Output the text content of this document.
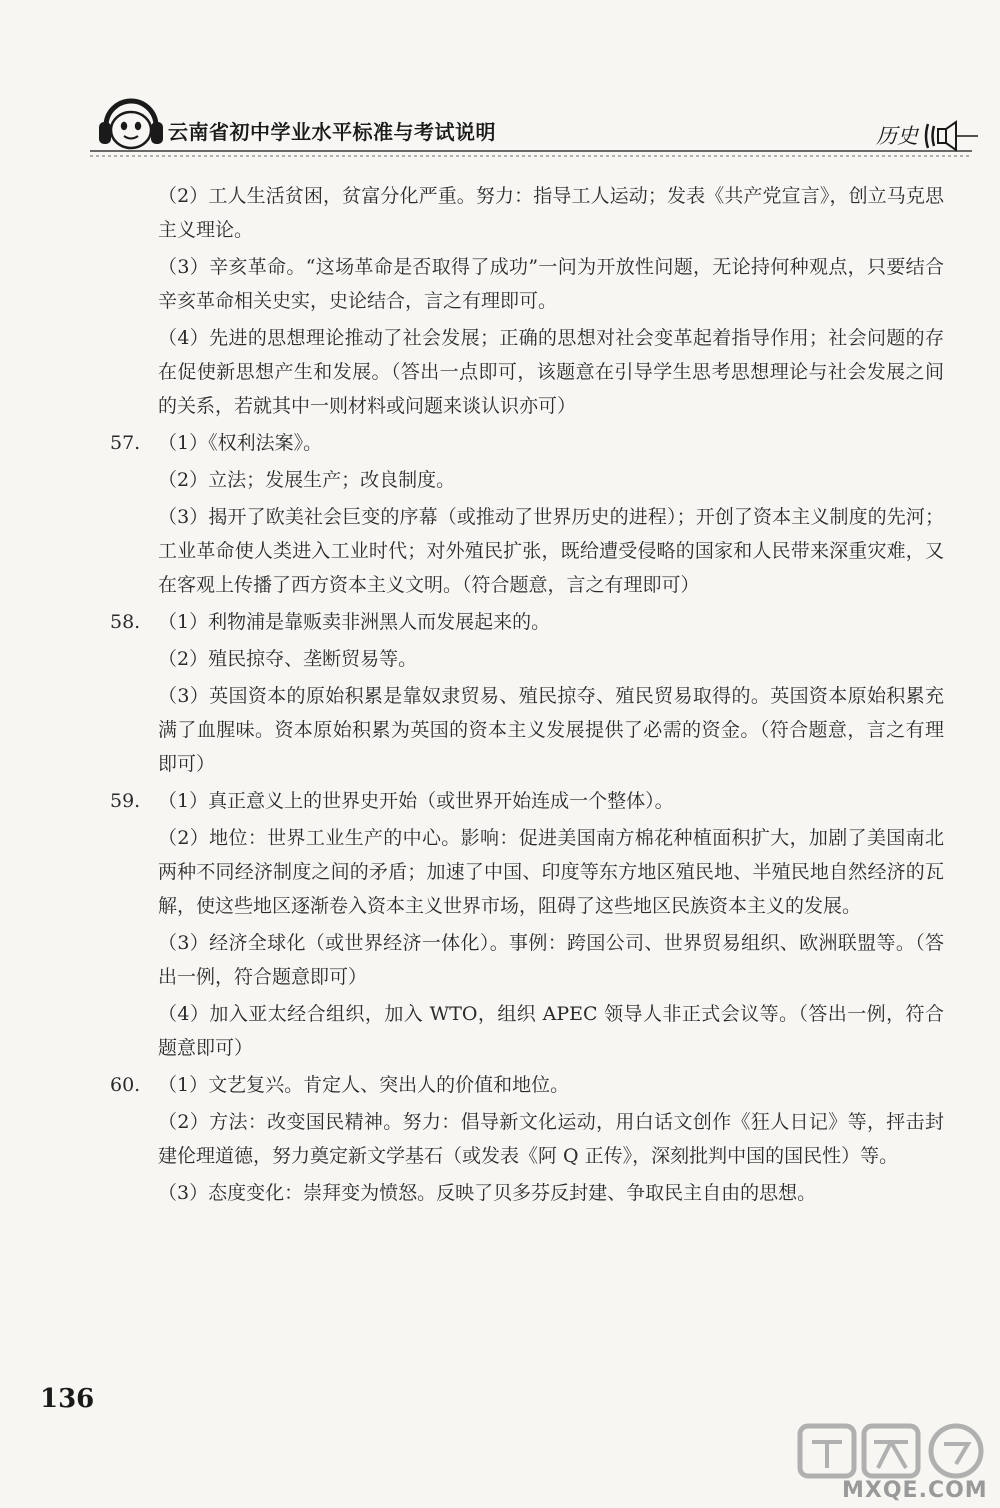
云南省初中学业水平标准与考试说明	历史
（2）工人生活贫困，贫富分化严重。努力：指导工人运动；发表《共产党宣言》，创立马克思主义理论。
（3）辛亥革命。“这场革命是否取得了成功”一问为开放性问题，无论持何种观点，只要结合辛亥革命相关史实，史论结合，言之有理即可。
（4）先进的思想理论推动了社会发展；正确的思想对社会变革起着指导作用；社会问题的存在促使新思想产生和发展。（答出一点即可，该题意在引导学生思考思想理论与社会发展之间的关系，若就其中一则材料或问题来谈认识亦可）
57. （1）《权利法案》。
（2）立法；发展生产；改良制度。
（3）揭开了欧美社会巨变的序幕（或推动了世界历史的进程）；开创了资本主义制度的先河；工业革命使人类进入工业时代；对外殖民扩张，既给遭受侵略的国家和人民带来深重灾难，又在客观上传播了西方资本主义文明。（符合题意，言之有理即可）
58. （1）利物浦是靠贩卖非洲黑人而发展起来的。
（2）殖民掠夺、垄断贸易等。
（3）英国资本的原始积累是靠奴隶贸易、殖民掠夺、殖民贸易取得的。英国资本原始积累充满了血腥味。资本原始积累为英国的资本主义发展提供了必需的资金。（符合题意，言之有理即可）
59. （1）真正意义上的世界史开始（或世界开始连成一个整体）。
（2）地位：世界工业生产的中心。影响：促进美国南方棉花种植面积扩大，加剧了美国南北两种不同经济制度之间的矛盾；加速了中国、印度等东方地区殖民地、半殖民地自然经济的瓦解，使这些地区逐渐卷入资本主义世界市场，阻碍了这些地区民族资本主义的发展。
（3）经济全球化（或世界经济一体化）。事例：跨国公司、世界贸易组织、欧洲联盟等。（答出一例，符合题意即可）
（4）加入亚太经合组织，加入 WTO，组织 APEC 领导人非正式会议等。（答出一例，符合题意即可）
60. （1）文艺复兴。肯定人、突出人的价值和地位。
（2）方法：改变国民精神。努力：倡导新文化运动，用白话文创作《狂人日记》等，抨击封建伦理道德，努力奠定新文学基石（或发表《阿 Q 正传》，深刻批判中国的国民性）等。
（3）态度变化：崇拜变为愤怒。反映了贝多芬反封建、争取民主自由的思想。
136
MXQE.COM
